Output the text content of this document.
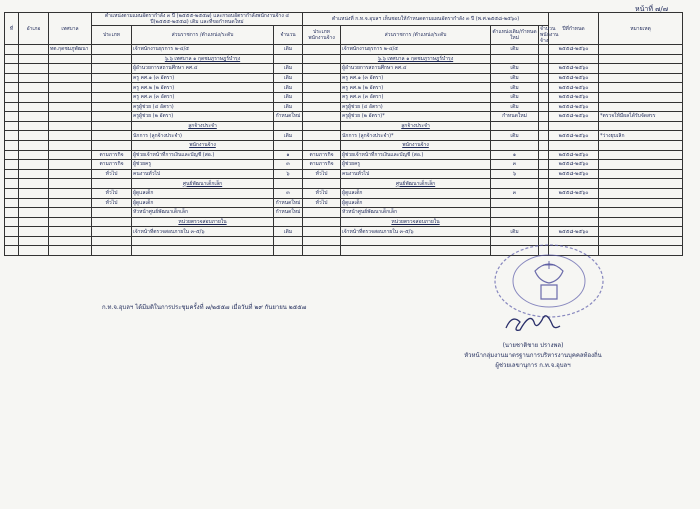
หน้าที่ ๗/๗
ที่	อำเภอ	เทศบาล	ตำแหน่งตามแผนอัตรากำลัง ๓ ปี (๒๕๕๕-๒๕๕๗) และกรอบอัตรากำลังพนักงานจ้าง ๔ ปี(๒๕๕๕-๒๕๕๘) เดิม และที่ขอกำหนดใหม่			ตำแหน่งที่ ก.ท.จ.อุบลฯ เห็นชอบให้กำหนดตามแผนอัตรากำลัง ๓ ปี (พ.ศ.๒๕๕๘-๒๕๖๐)				ปีที่กำหนด	หมายเหตุ
			ประเภท	ส่วนราชการ /ตำแหน่ง/ระดับ	จำนวน	ประเภทพนักงานจ้าง	ส่วนราชการ /ตำแหน่ง/ระดับ	ตำแหน่งเดิม/กำหนดใหม่	จำนวนพนักงานจ้าง		
		ทต.กุดชมภูพัฒนา		เจ้าพนักงานธุรการ ๒-๔/๕	เดิม		เจ้าพนักงานธุรการ ๒-๔/๕	เดิม		๒๕๕๘-๒๕๖๐	
				๖.๖ เทศบาล ๑ กุดชมภูราษฎร์บำรุง			๖.๖ เทศบาล ๑ กุดชมภูราษฎร์บำรุง				
				ผู้อำนวยการสถานศึกษา คศ.๔	เดิม		ผู้อำนวยการสถานศึกษา คศ.๔	เดิม		๒๕๕๘-๒๕๖๐	
				ครู คศ.๑ (๓ อัตรา)	เดิม		ครู คศ.๑ (๓ อัตรา)	เดิม		๒๕๕๘-๒๕๖๐	
				ครู คศ.๒ (๒ อัตรา)	เดิม		ครู คศ.๒ (๒ อัตรา)	เดิม		๒๕๕๘-๒๕๖๐	
				ครู คศ.๓ (๓ อัตรา)	เดิม		ครู คศ.๓ (๓ อัตรา)	เดิม		๒๕๕๘-๒๕๖๐	
				ครูผู้ช่วย (๔ อัตรา)	เดิม		ครูผู้ช่วย (๔ อัตรา)	เดิม		๒๕๕๘-๒๕๖๐	
				ครูผู้ช่วย (๒ อัตรา)	กำหนดใหม่		ครูผู้ช่วย (๒ อัตรา)*	กำหนดใหม่		๒๕๕๘-๒๕๖๐	*ตรวจให้มีผลได้รับจัดสรร
				ลูกจ้างประจำ			ลูกจ้างประจำ				
				นักการ (ลูกจ้างประจำ)	เดิม		นักการ (ลูกจ้างประจำ)*	เดิม		๒๕๕๘-๒๕๖๐	*ว่างยุบเลิก
				พนักงานจ้าง			พนักงานจ้าง				
			ตามภารกิจ	ผู้ช่วยเจ้าหน้าที่การเงินและบัญชี (สอ.)	๑	ตามภารกิจ	ผู้ช่วยเจ้าหน้าที่การเงินและบัญชี (สอ.)	๑		๒๕๕๘-๒๕๖๐	
			ตามภารกิจ	ผู้ช่วยครู	๓	ตามภารกิจ	ผู้ช่วยครู	๓		๒๕๕๘-๒๕๖๐	
			ทั่วไป	คนงานทั่วไป	๖	ทั่วไป	คนงานทั่วไป	๖		๒๕๕๘-๒๕๖๐	
				ศูนย์พัฒนาเด็กเล็ก			ศูนย์พัฒนาเด็กเล็ก				
			ทั่วไป	ผู้ดูแลเด็ก	๓	ทั่วไป	ผู้ดูแลเด็ก	๓		๒๕๕๘-๒๕๖๐	
			ทั่วไป	ผู้ดูแลเด็ก	กำหนดใหม่	ทั่วไป	ผู้ดูแลเด็ก				
				หัวหน้าศูนย์พัฒนาเด็กเล็ก	กำหนดใหม่		หัวหน้าศูนย์พัฒนาเด็กเล็ก				
				หน่วยตรวจสอบภายใน			หน่วยตรวจสอบภายใน				
				เจ้าหน้าที่ตรวจสอบภายใน ๓-๕/๖	เดิม		เจ้าหน้าที่ตรวจสอบภายใน ๓-๕/๖	เดิม		๒๕๕๘-๒๕๖๐	

ก.ท.จ.อุบลฯ ได้มีมติในการประชุมครั้งที่ ๗/๒๕๕๗ เมื่อวันที่ ๒๙ กันยายน ๒๕๕๗
(นายชาติชาย ปรางพล)
หัวหน้ากลุ่มงานมาตรฐานการบริหารงานบุคคลท้องถิ่น
ผู้ช่วยเลขานุการ ก.ท.จ.อุบลฯ
